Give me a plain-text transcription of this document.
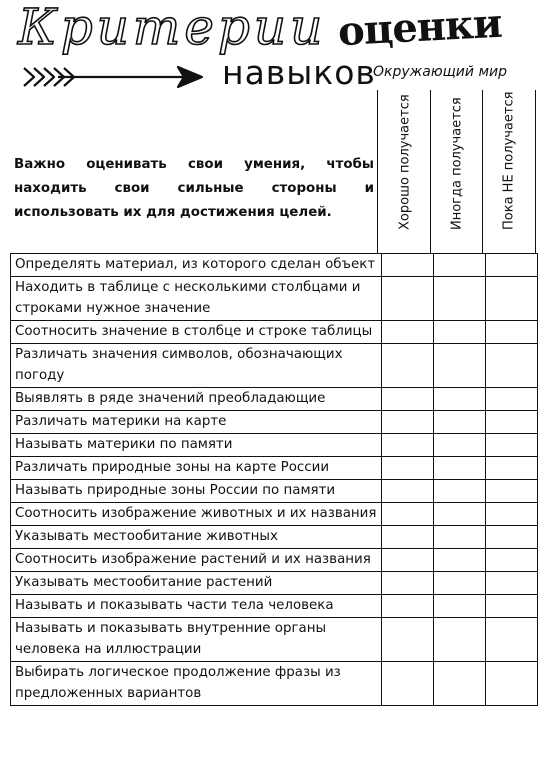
Критерии оценки
навыков
Окружающий мир

Важно оценивать свои умения, чтобы находить свои сильные стороны и использовать их для достижения целей.	Хорошо получается	Иногда получается	Пока НЕ получается
Определять материал, из которого сделан объект			

Находить в таблице с несколькими столбцами и строками нужное значение			

Соотносить значение в столбце и строке таблицы			

Различать значения символов, обозначающих погоду			

Выявлять в ряде значений преобладающие			

Различать материки на карте			

Называть материки по памяти			

Различать природные зоны на карте России			

Называть природные зоны России по памяти			

Соотносить изображение животных и их названия			

Указывать местообитание животных			

Соотносить изображение растений и их названия			

Указывать местообитание растений			

Называть и показывать части тела человека			

Называть и показывать внутренние органы человека на иллюстрации			

Выбирать логическое продолжение фразы из предложенных вариантов			
